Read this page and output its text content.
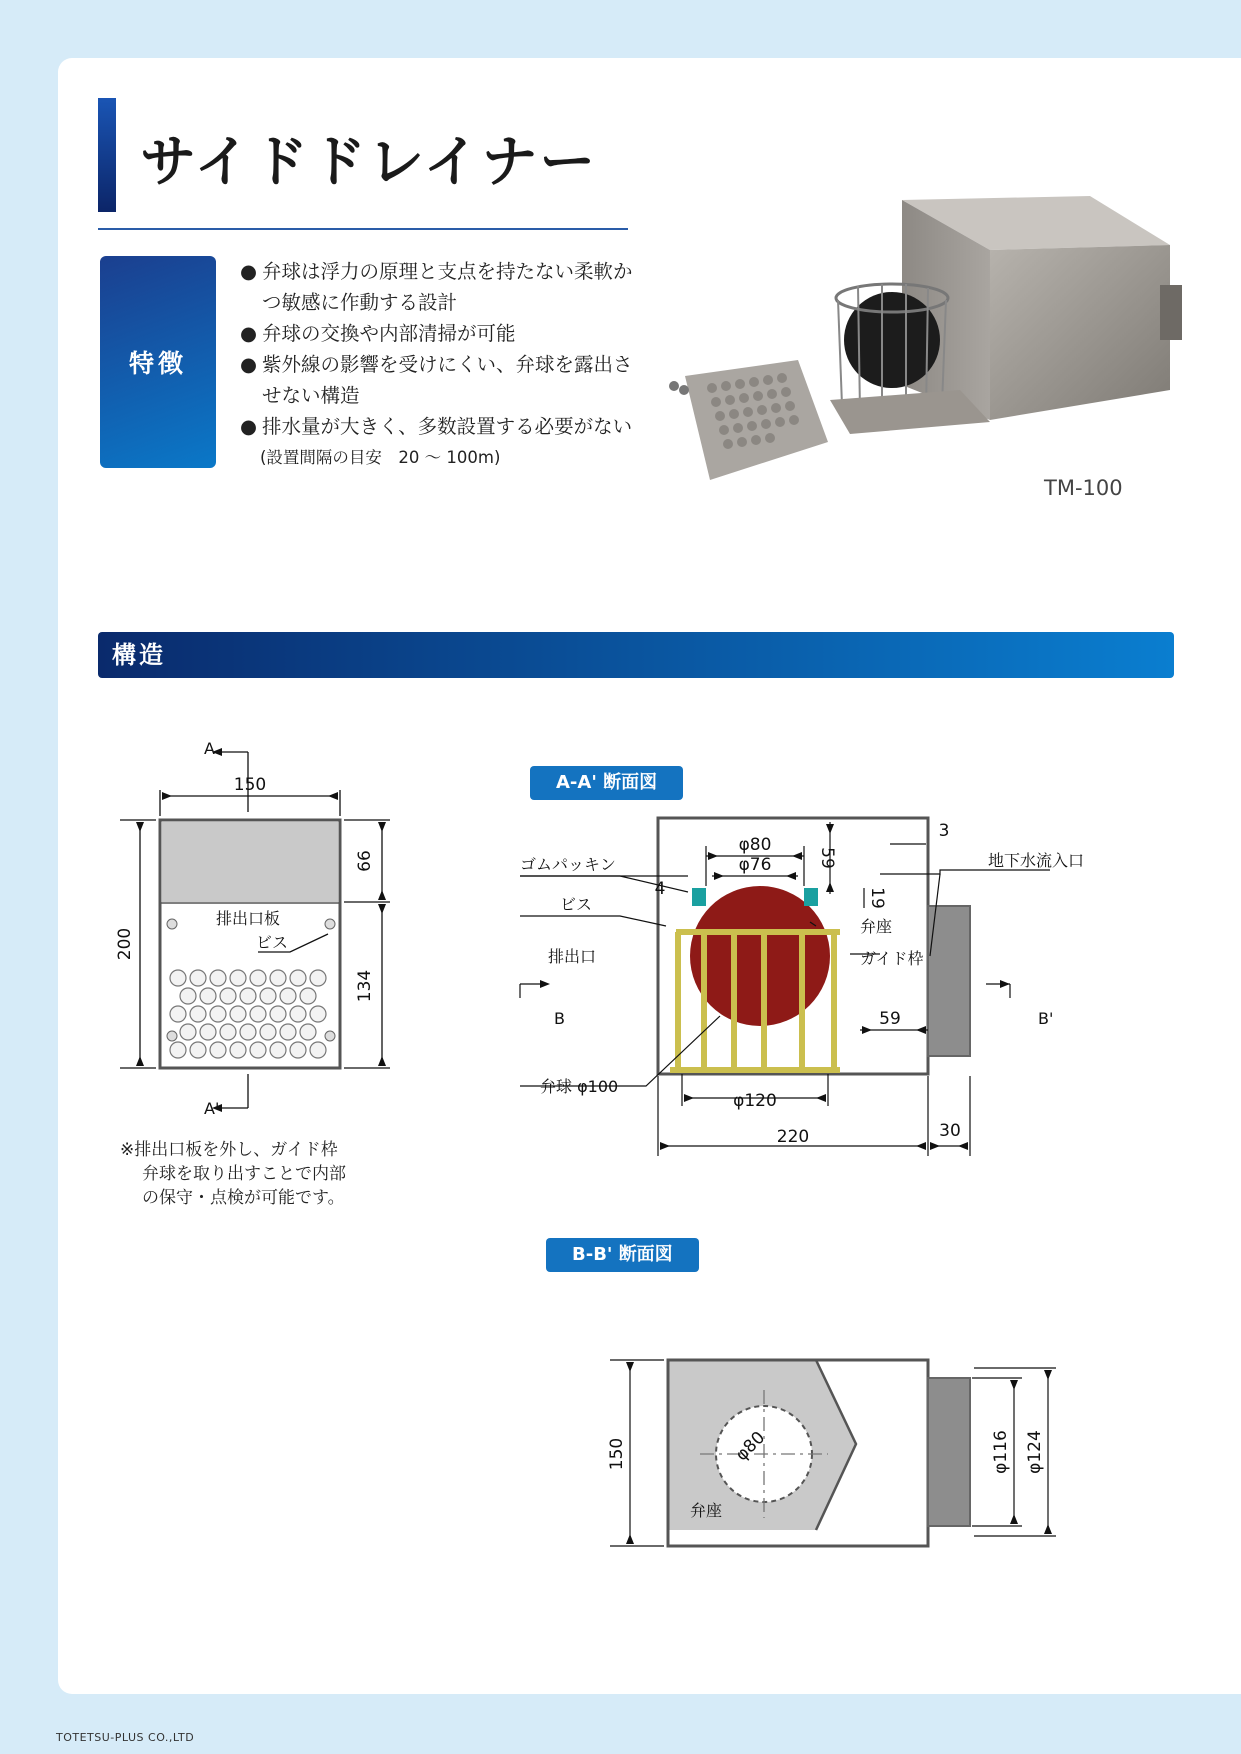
サイドドレイナー
特徴
● 弁球は浮力の原理と支点を持たない柔軟かつ敏感に作動する設計
● 弁球の交換や内部清掃が可能
● 紫外線の影響を受けにくい、弁球を露出させない構造
● 排水量が大きく、多数設置する必要がない
(設置間隔の目安　20 ～ 100m)
TM-100
構造
A
A'
150
200
66
134
排出口板
ビス

※排出口板を外し、ガイド枠
弁球を取り出すことで内部
の保守・点検が可能です。

A-A' 断面図
ゴムパッキン
ビス
排出口
地下水流入口
弁座
ガイド枠
弁球 φ100
B	B'
φ80
φ76	59
19
4
3
59
φ120
220	30
B-B' 断面図
150	φ80
弁座
φ116 φ124
TOTETSU-PLUS CO.,LTD
